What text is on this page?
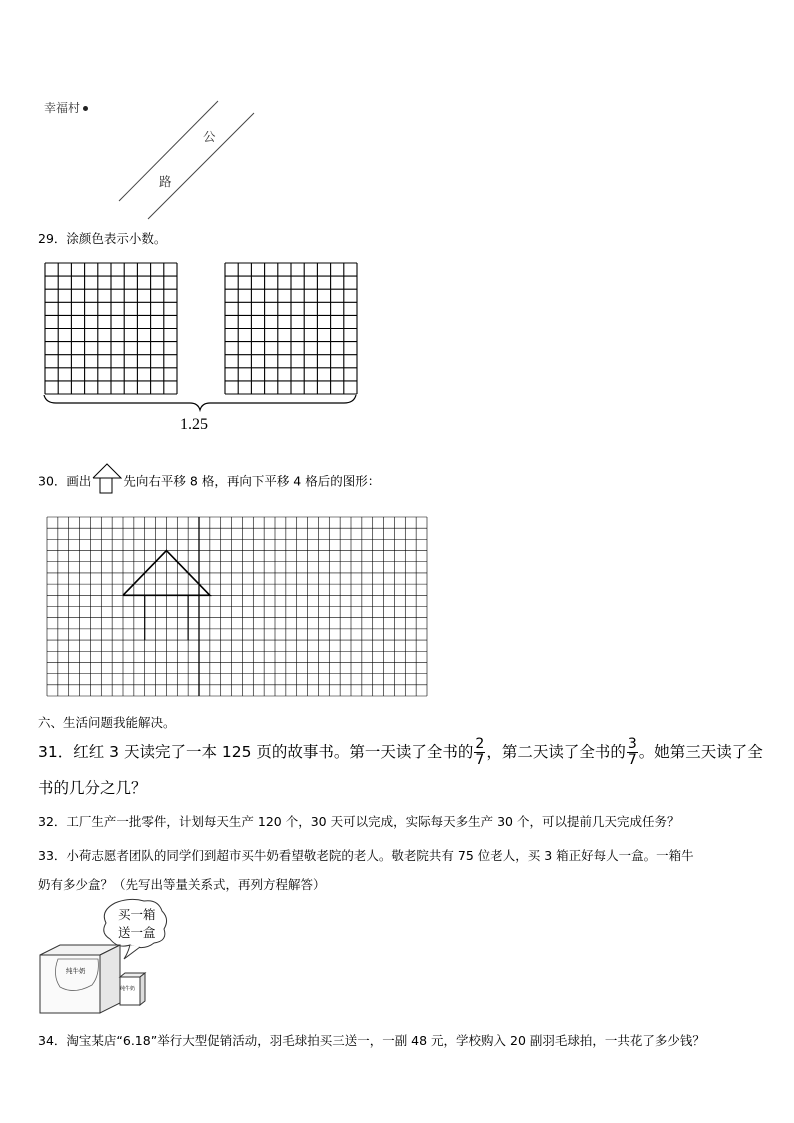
幸福村
公
路
29．涂颜色表示小数。
1.25
30．画出	先向右平移 8 格，再向下平移 4 格后的图形：
六、生活问题我能解决。
31．红红 3 天读完了一本 125 页的故事书。第一天读了全书的 $\frac{2}{7}$ ，第二天读了全书的 $\frac{3}{7}$ 。她第三天读了全
书的几分之几？
32．工厂生产一批零件，计划每天生产 120 个，30 天可以完成，实际每天多生产 30 个，可以提前几天完成任务？
33．小荷志愿者团队的同学们到超市买牛奶看望敬老院的老人。敬老院共有 75 位老人，买 3 箱正好每人一盒。一箱牛
奶有多少盒？（先写出等量关系式，再列方程解答）
买一箱
送一盒
纯牛奶
纯牛奶
34．淘宝某店“6.18”举行大型促销活动，羽毛球拍买三送一，一副 48 元，学校购入 20 副羽毛球拍，一共花了多少钱？
